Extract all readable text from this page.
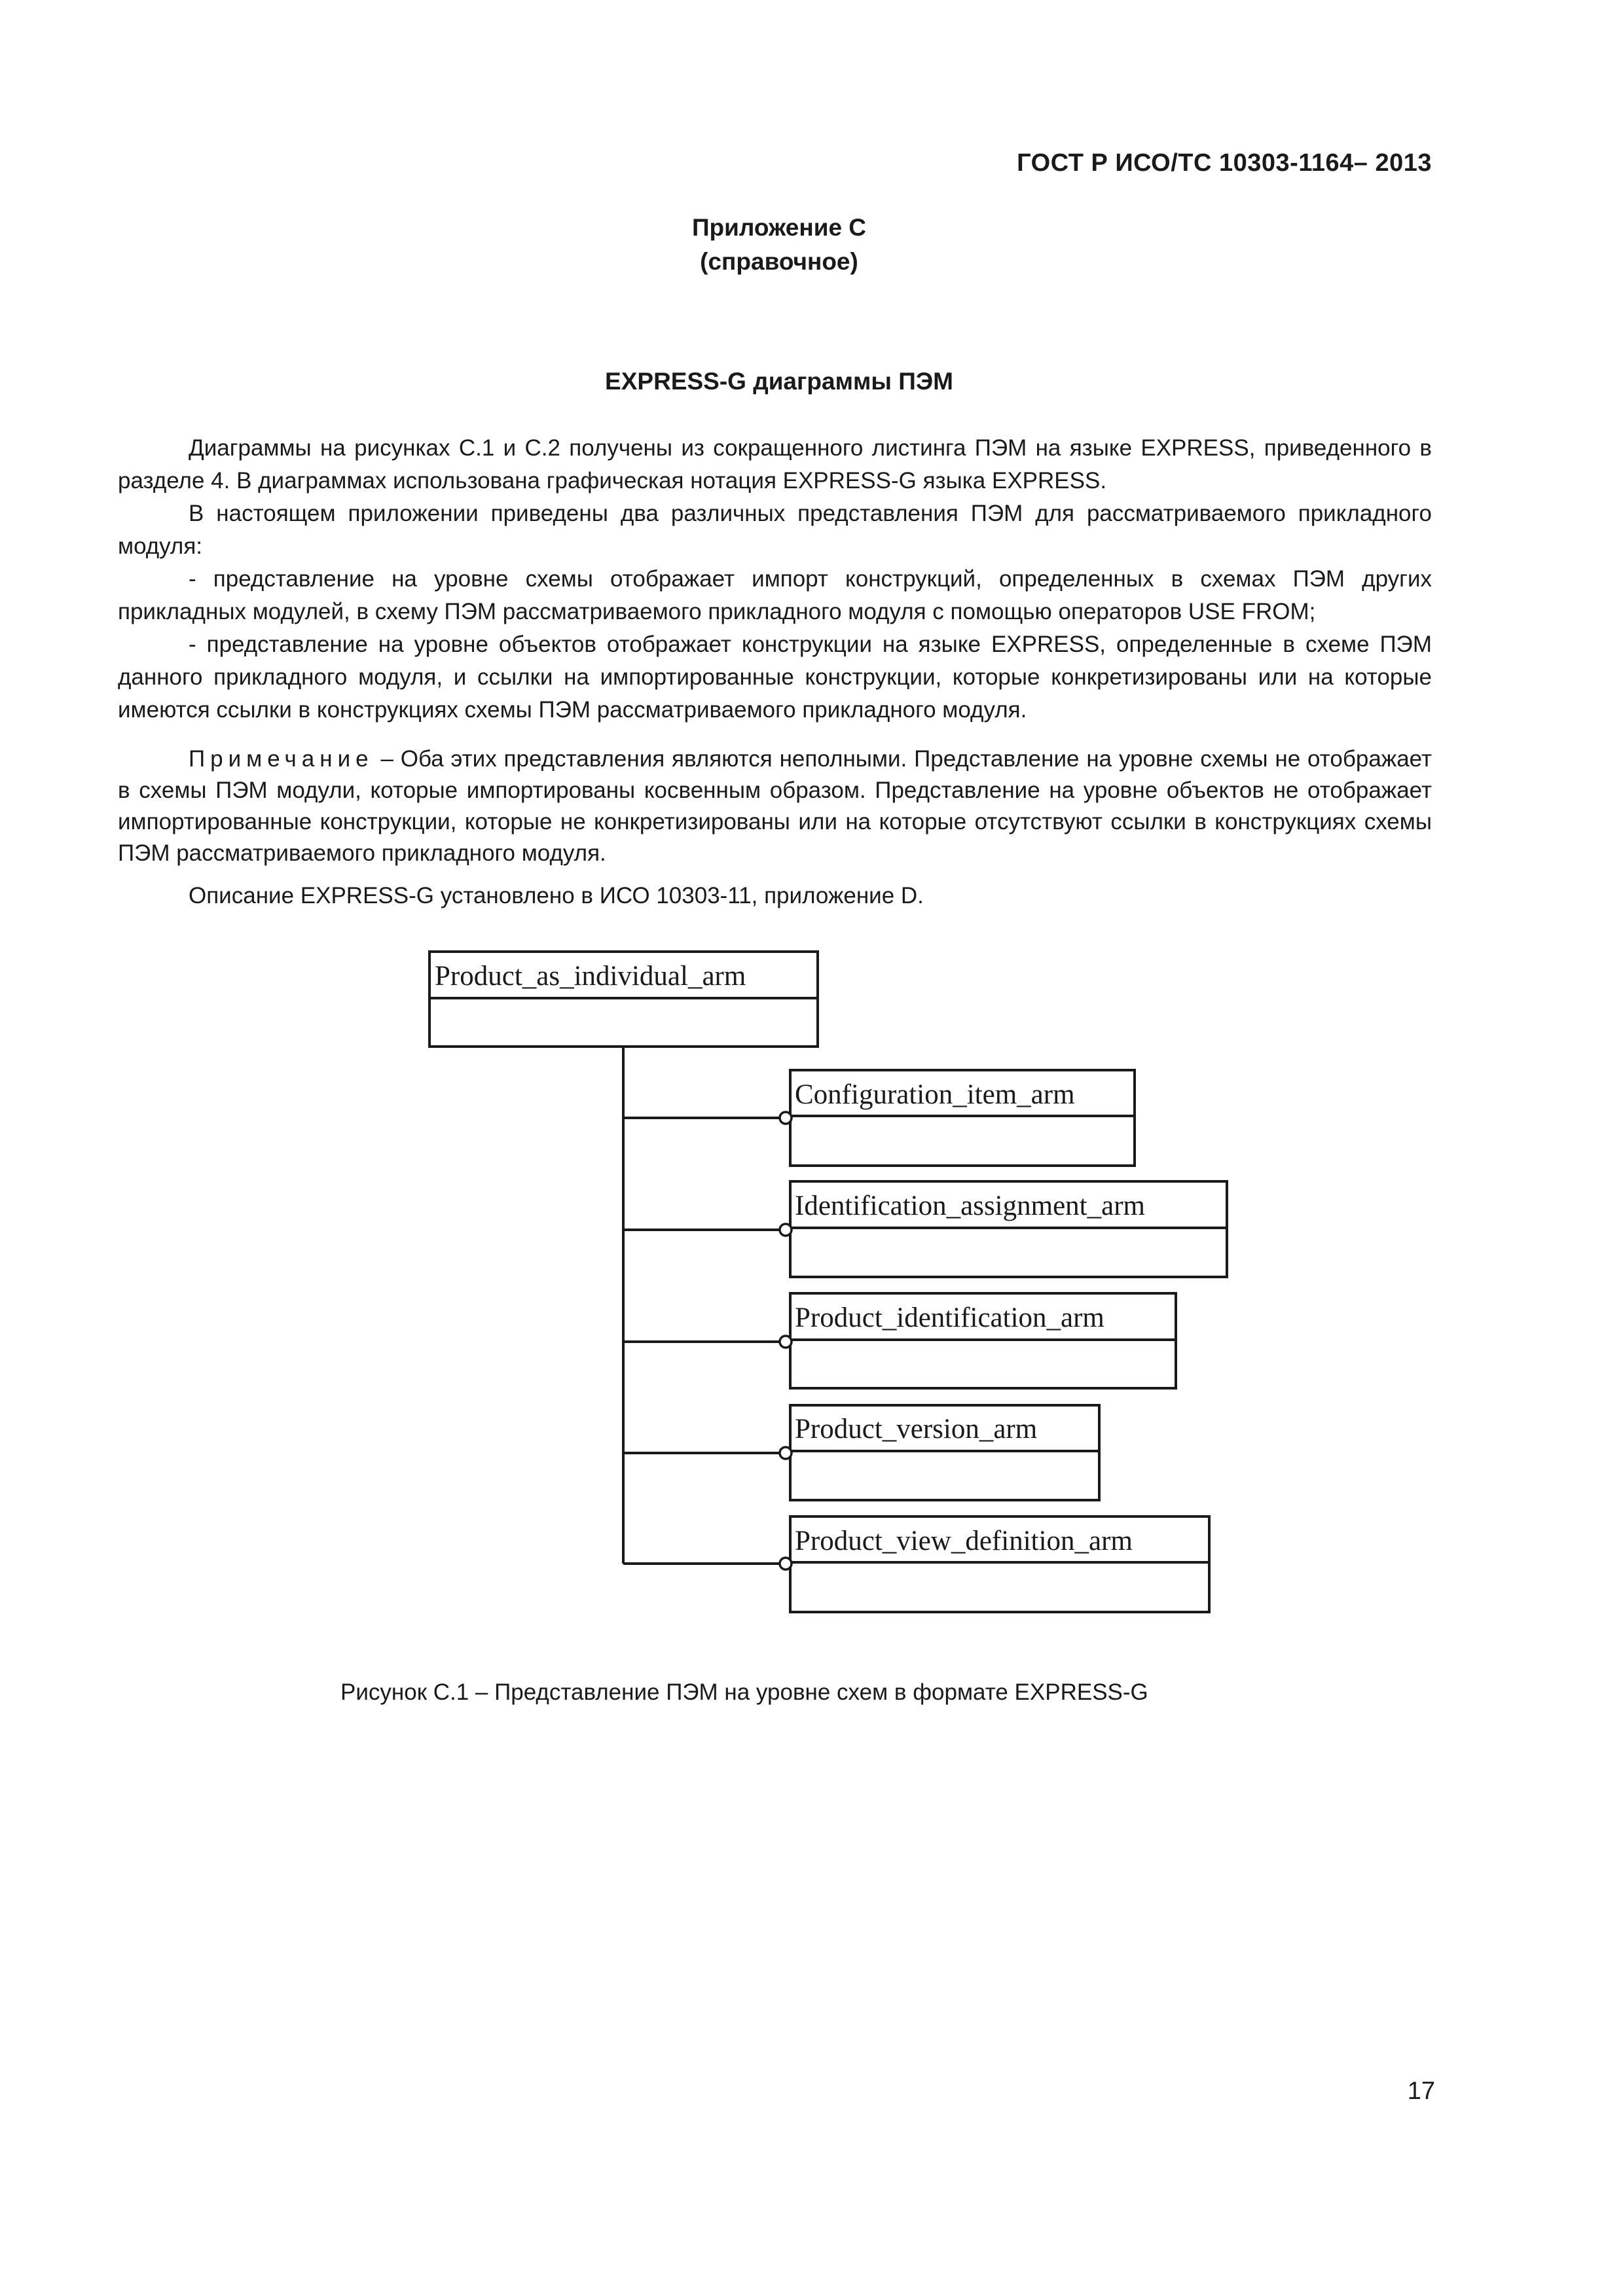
ГОСТ Р ИСО/ТС 10303-1164– 2013
Приложение С
(справочное)
EXPRESS-G диаграммы ПЭМ

Диаграммы на рисунках С.1 и С.2 получены из сокращенного листинга ПЭМ на языке EXPRESS, приведенного в разделе 4. В диаграммах использована графическая нотация EXPRESS-G языка EXPRESS.

В настоящем приложении приведены два различных представления ПЭМ для рассматриваемого прикладного модуля:

- представление на уровне схемы отображает импорт конструкций, определенных в схемах ПЭМ других прикладных модулей, в схему ПЭМ рассматриваемого прикладного модуля с помощью операторов USE FROM;

- представление на уровне объектов отображает конструкции на языке EXPRESS, определенные в схеме ПЭМ данного прикладного модуля, и ссылки на импортированные конструкции, которые конкретизированы или на которые имеются ссылки в конструкциях схемы ПЭМ рассматриваемого прикладного модуля.

Примечание – Оба этих представления являются неполными. Представление на уровне схемы не отображает в схемы ПЭМ модули, которые импортированы косвенным образом. Представление на уровне объектов не отображает импортированные конструкции, которые не конкретизированы или на которые отсутствуют ссылки в конструкциях схемы ПЭМ рассматриваемого прикладного модуля.

Описание EXPRESS-G установлено в ИСО 10303-11, приложение D.

Product_as_individual_arm
Configuration_item_arm
Identification_assignment_arm
Product_identification_arm
Product_version_arm
Product_view_definition_arm
Рисунок С.1 – Представление ПЭМ на уровне схем в формате EXPRESS-G
17
